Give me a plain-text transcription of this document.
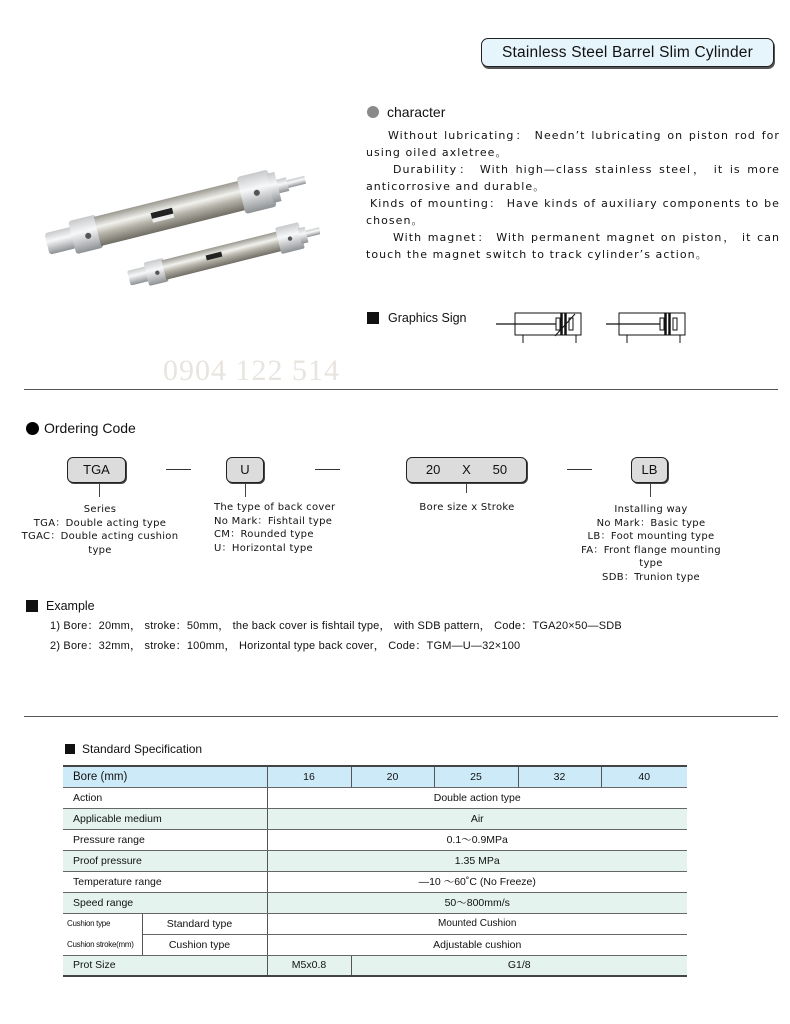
Stainless Steel Barrel Slim Cylinder
0904 122 514
character

Without lubricating： Needn’t lubricating on piston rod for using oiled axletree。

Durability： With high—class stainless steel， it is more anticorrosive and durable。

Kinds of mounting： Have kinds of auxiliary components to be chosen。

With magnet： With permanent magnet on piston， it can touch the magnet switch to track cylinder’s action。

Graphics Sign
Ordering Code
TGA	U	20 X 50	LB
Series
TGA：Double acting type
TGAC：Double acting cushion type
The type of back cover
No Mark：Fishtail type
CM：Rounded type
U：Horizontal type
Bore size x Stroke	Installing way
No Mark：Basic type
LB：Foot mounting type
FA：Front flange mounting type
SDB：Trunion type
Example
1) Bore：20mm， stroke：50mm， the back cover is fishtail type， with SDB pattern， Code：TGA20×50—SDB
2) Bore：32mm， stroke：100mm， Horizontal type back cover， Code：TGM—U—32×100
Standard Specification
Bore (mm)		16	20	25	32	40
Action		Double action type				
Applicable medium		Air				
Pressure range		0.1～0.9MPa				
Proof pressure		1.35 MPa				
Temperature range		—10 ～60˚C (No Freeze)				
Speed range		50～800mm/s				
Cushion type	Standard type	Mounted Cushion				
Cushion stroke(mm)	Cushion type	Adjustable cushion				
Prot Size		M5x0.8	G1/8			
